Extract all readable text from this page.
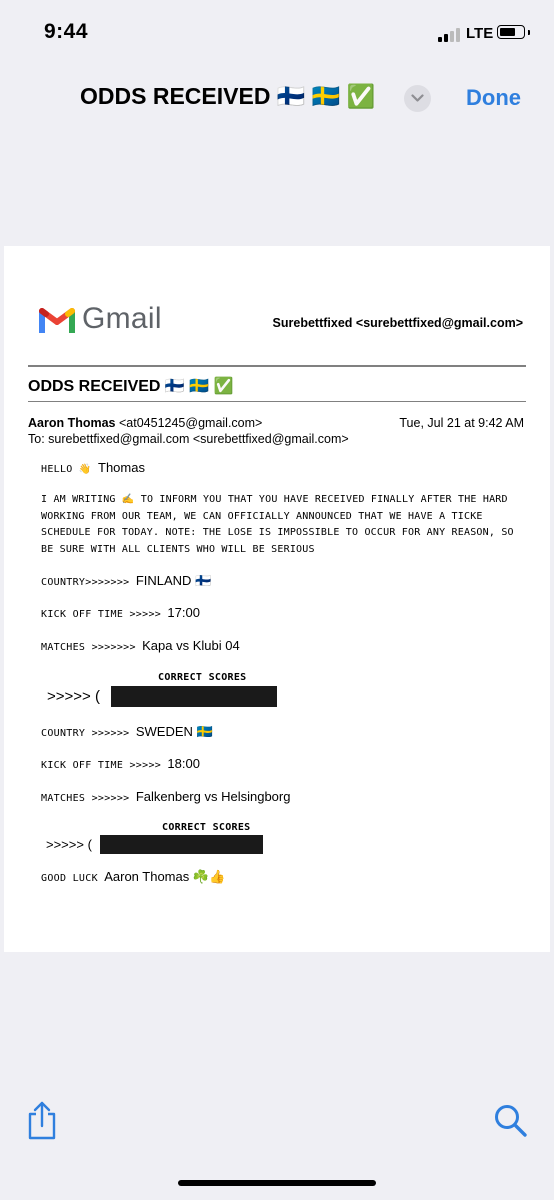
9:44	LTE
ODDS RECEIVED 🇫🇮 🇸🇪 ✅	Done
Gmail	Surebettfixed <surebettfixed@gmail.com>
ODDS RECEIVED 🇫🇮 🇸🇪 ✅
Aaron Thomas <at0451245@gmail.com>	Tue, Jul 21 at 9:42 AM
To: surebettfixed@gmail.com <surebettfixed@gmail.com>
HELLO 👋 Thomas
I AM WRITING ✍️ TO INFORM YOU THAT YOU HAVE RECEIVED FINALLY AFTER THE HARD WORKING FROM OUR TEAM, WE CAN OFFICIALLY ANNOUNCED THAT WE HAVE A TICKE SCHEDULE FOR TODAY. NOTE: THE LOSE IS IMPOSSIBLE TO OCCUR FOR ANY REASON, SO BE SURE WITH ALL CLIENTS WHO WILL BE SERIOUS
COUNTRY>>>>>>> FINLAND 🇫🇮
KICK OFF TIME >>>>> 17:00
MATCHES >>>>>>> Kapa vs Klubi 04
CORRECT SCORES
>>>>> (
COUNTRY >>>>>> SWEDEN 🇸🇪
KICK OFF TIME >>>>> 18:00
MATCHES >>>>>> Falkenberg vs Helsingborg
CORRECT SCORES
>>>>> (
GOOD LUCK Aaron Thomas ☘️👍
